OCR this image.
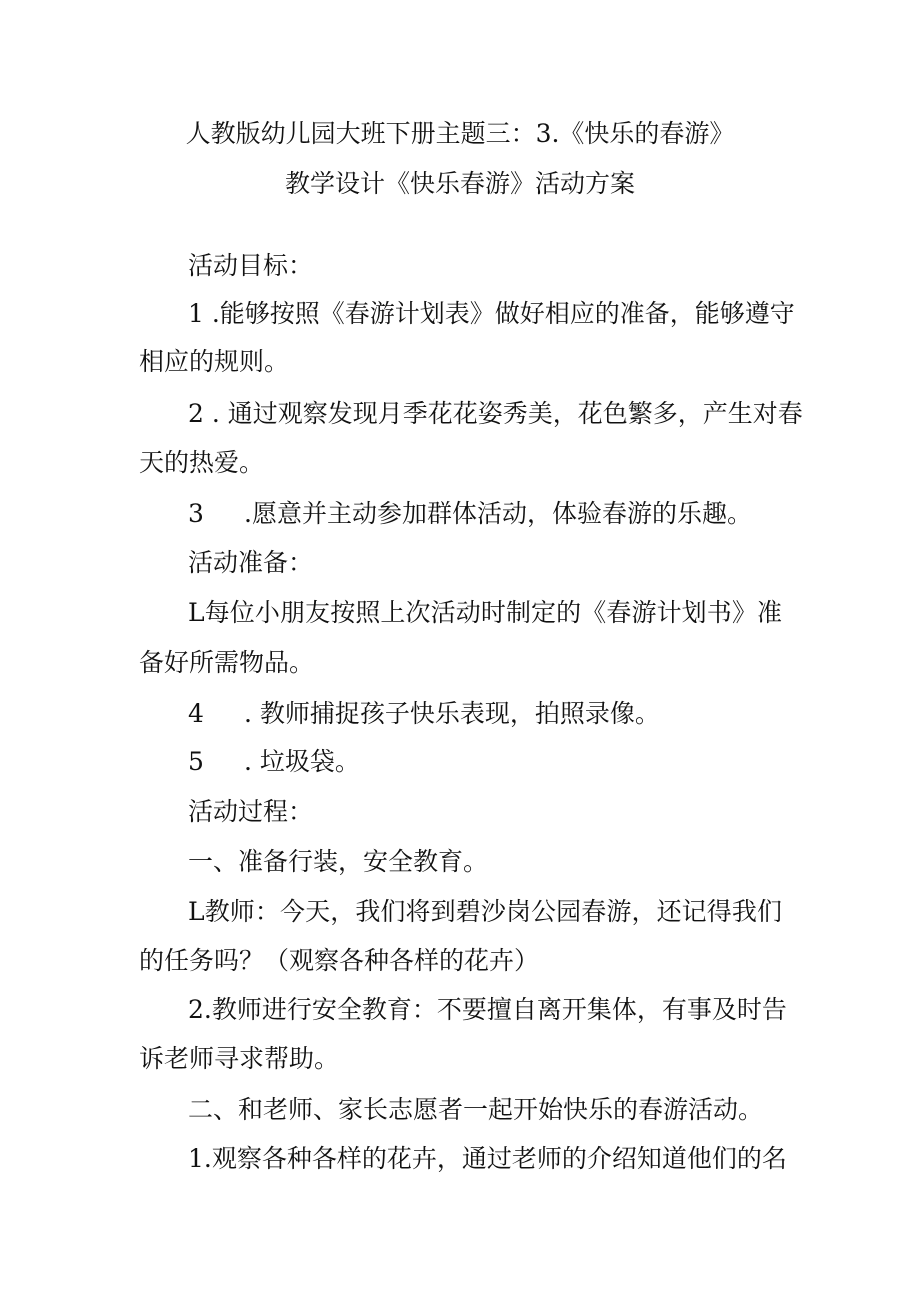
人教版幼儿园大班下册主题三：3.《快乐的春游》
教学设计《快乐春游》活动方案
活动目标：
1 .能够按照《春游计划表》做好相应的准备，能够遵守
相应的规则。
2 . 通过观察发现月季花花姿秀美，花色繁多，产生对春
天的热爱。
3 .愿意并主动参加群体活动，体验春游的乐趣。
活动准备：
L每位小朋友按照上次活动时制定的《春游计划书》准
备好所需物品。
4 . 教师捕捉孩子快乐表现，拍照录像。
5 . 垃圾袋。
活动过程：
一、准备行装，安全教育。
L教师：今天，我们将到碧沙岗公园春游，还记得我们
的任务吗？（观察各种各样的花卉）
2.教师进行安全教育：不要擅自离开集体，有事及时告
诉老师寻求帮助。
二、和老师、家长志愿者一起开始快乐的春游活动。
1.观察各种各样的花卉，通过老师的介绍知道他们的名
